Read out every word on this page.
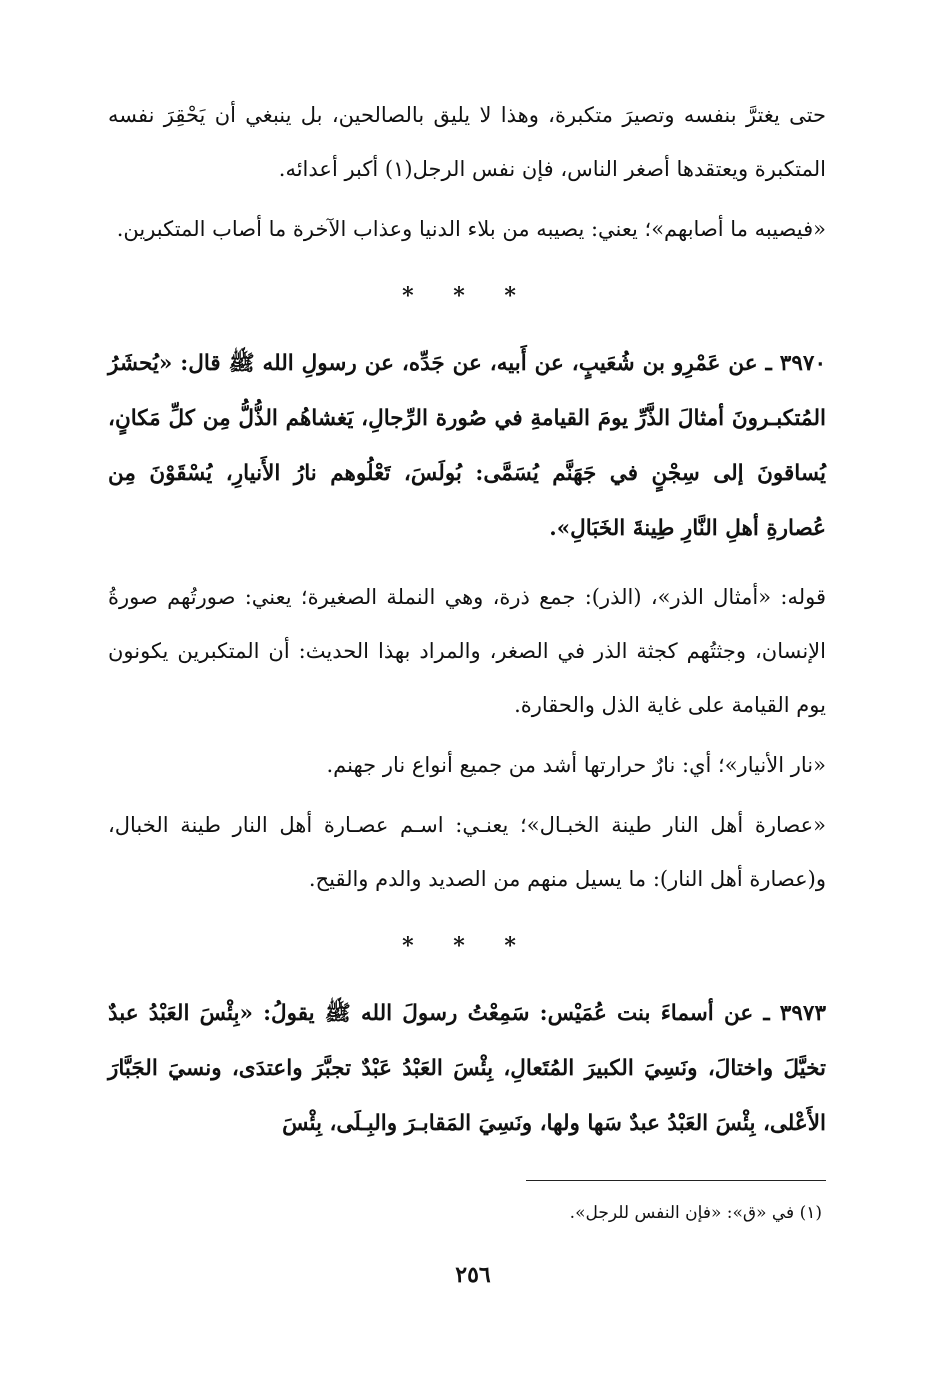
حتى يغترَّ بنفسه وتصيرَ متكبرة، وهذا لا يليق بالصالحين، بل ينبغي أن يَحْقِرَ نفسه المتكبرة ويعتقدها أصغر الناس، فإن نفس الرجل(١) أكبر أعدائه.

«فيصيبه ما أصابهم»؛ يعني: يصيبه من بلاء الدنيا وعذاب الآخرة ما أصاب المتكبرين.

* * *

٣٩٧٠ ـ عن عَمْرِو بن شُعَيبٍ، عن أَبيه، عن جَدِّه، عن رسولِ الله ﷺ قال: «يُحشَرُ المُتكبـرونَ أمثالَ الذَّرِّ يومَ القيامةِ في صُورة الرِّجالِ، يَغشاهُم الذُّلُّ مِن كلِّ مَكانٍ، يُساقونَ إلى سِجْنٍ في جَهَنَّم يُسَمَّى: بُولَسَ، تَعْلُوهم نارُ الأَنيارِ، يُسْقَوْنَ مِن عُصارةِ أهلِ النَّارِ طِينةَ الخَبَالِ».

قوله: «أمثال الذر»، (الذر): جمع ذرة، وهي النملة الصغيرة؛ يعني: صورتُهم صورةُ الإنسان، وجثتُهم كجثة الذر في الصغر، والمراد بهذا الحديث: أن المتكبرين يكونون يوم القيامة على غاية الذل والحقارة.

«نار الأنيار»؛ أي: نارٌ حرارتها أشد من جميع أنواع نار جهنم.

«عصارة أهل النار طينة الخبـال»؛ يعنـي: اسـم عصـارة أهل النار طينة الخبال، و(عصارة أهل النار): ما يسيل منهم من الصديد والدم والقيح.

* * *

٣٩٧٣ ـ عن أسماءَ بنت عُمَيْس: سَمِعْتُ رسولَ الله ﷺ يقولُ: «بِئْسَ العَبْدُ عبدٌ تخيَّلَ واختالَ، ونَسِيَ الكبيرَ المُتَعالِ، بِئْسَ العَبْدُ عَبْدٌ تجبَّرَ واعتدَى، ونسيَ الجَبَّارَ الأَعْلى، بِئْسَ العَبْدُ عبدٌ سَها ولها، ونَسِيَ المَقابـرَ والبِـلَى، بِئْسَ

(١) في «ق»: «فإن النفس للرجل».
٢٥٦
